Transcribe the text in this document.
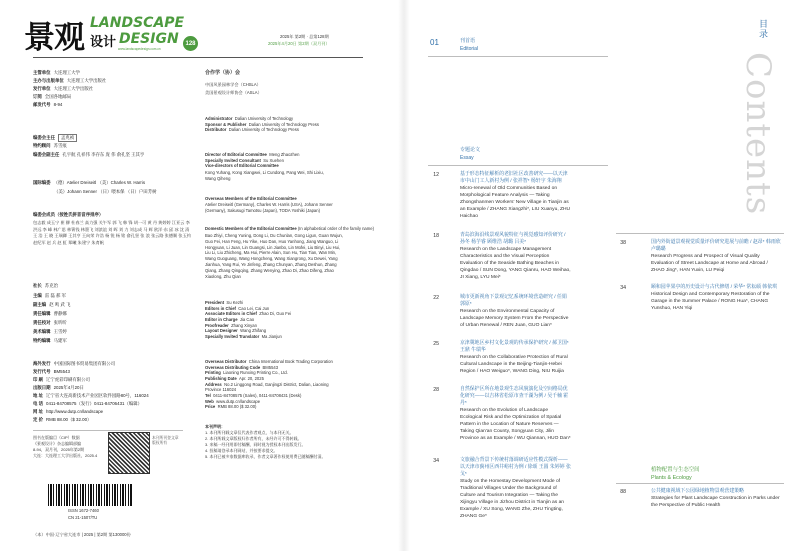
景观 LANDSCAPE
设计 DESIGN	128
www.landscapedesign.com.cn
2025年 第2期 · 总第128期
2025年4月20日 第2期（双月刊）
主管单位 大连理工大学
主办与出版单位 大连理工大学出版社
发行单位 大连理工大学出版社
订阅 全国各地邮局
邮发代号 8-94
编委会主任 孟兆祯
特约顾问 苏雪痕
编委会副主任 孔宇航 孔祥伟 李存东 庞 伟 俞孔坚 王其亨
国际编委 （德）Atelier Dreiseitl （美）Charles W. Harris
（美）Johann Senner （日）喂本保 （日）户田芳树
编委会成员（按姓氏拼音音序排序）
包志毅 成玉宁 崔 柳 杜春兰 高力强 关午军 郭 飞 韩 锋 胡一可 黄 丹 黄婷婷 江亚云 李洪远 李 峰 林广思 林箐钱 林墨飞 刘滨谊 刘 晖 刘 力 刘志成 马 辉 欧洋·东 邱 冰 沈 清 王 浩 王 晓 王瑞卿 王其亨 王向荣 许浩 杨 锐 杨 铭 俞孔坚 张 浪 张云路 张德顺 张玉钧 赵纪军 赵 兵 赵 虹 郑曦 朱建宁 朱育帆
社长 苏克治
主编 雷 磊 郝 军
副主编 赵 鸣 武 飞
责任编辑 曹静娜
责任校对 张昕昕
美术编辑 王雪婷
特约编辑 马建军
海外发行 中国国际图书贸易集团有限公司
发行代号 BM5543
印 刷 辽宁虎彩印刷有限公司
出版日期 2025年4月20日
地 址 辽宁省大连高新技术产业园区软件园路80号，116024
电 话 0411-84708575（发行）0411-84706431（编辑）
网 址 http://www.dutp.cn/landscape
定 价 RMB 88.00（$ 32.00）
图书在版编目（CIP）数据
《景观设计》杂志编辑部编
8-94，双月刊，2025年第2期
大连：大连理工大学出版社，2025.4
本刊所刊登文章
版权所有
ISSN 1672-7460
CN 21-1507/TU
（本）中国·辽宁省大连市 | 2025 | 第2期 第130000份
合作学（协）会
中国风景园林学会（CHSLA）
美国景观设计师协会（ASLA）
Administrator Dalian University of Technology
Sponsor & Publisher Dalian University of Technology Press
Distributor Dalian University of Technology Press
Director of Editorial Committee Meng Zhaozhen
Specially Invited Consultant Su Xuehen
Vice-directors of Editorial Committee
Kong Yuhang, Kong Xiangwei, Li Cundong, Pang Wei, Shi Lixiu, Wang Qiheng
Overseas Members of the Editorial Committee
Atelier Dreiseitl (Germany), Charles W. Harris (USA), Johann Senner (Germany), Sakusugi Tamotsu (Japan), TODA Yoshiki (Japan)
Domestic Members of the Editorial Committee (In alphabetical order of the family name)
Bao Zhiyi, Cheng Yuning, Dong Li, Du Chunlan, Gong Ligun, Guan Wujun, Guo Fei, Han Feng, Hu Yike, Huo Dan, Huo Yanhong, Jiang Wanguo, Li Hongyuan, Li Juan, Lin Guangsi, Lin Jianbo, Lin Mofei, Liu Binyi, Liu Hui, Liu Li, Liu Zhicheng, Ma Hui, Pierre Alain, Sun Hu, Tian Tian, Wan Min, Wang Guoguang, Wang Hongcheng, Wang Xiangrong, Xu Dewei, Yang Jianhua, Yang Rui, Ye Jinfeng, Zhang Chunyan, Zhang Deshun, Zhang Qiang, Zhang Qingqing, Zhang Wenying, Zhao Di, Zhao Difeng, Zhao Xiaolong, Zhu Qian
President Su Kezhi
Editors in Chief Cao Lei, Cai Jun
Associate Editors in Chief Zhao Di, Guo Fei
Editor in Charge Jia Cao
Proofreader Zhang Xinyan
Layout Designer Wang Zhifang
Specially Invited Translator Ma Jianjun
Overseas Distributor China International Book Trading Corporation
Overseas Distributing Code BM5543
Printing Liaoning Runxing Printing Co., Ltd.
Publishing Date Apr. 20, 2025
Address No.2 Linggong Road, Ganjingzi District, Dalian, Liaoning Province 116024
Tel 0411-84708575 (Sales), 0411-84708431 (Desk)
Web www.dutp.cn/landscape
Price RMB 88.00 ($ 32.00)
本刊声明：
1. 本刊所刊载文章仅代表作者观点，与本刊无关。
2. 本刊所载文章版权归作者所有，未经许可不得转载。
3. 来稿一经刊用即付稿酬，同时视为授权本刊出版发行。
4. 投稿请登录本刊网站，并按要求提交。
5. 本刊已被多家数据库收录，作者文章著作权使用费已随稿酬付清。
01	刊首语
Editorial
目录
Contents
专题论文
Essay
12	基于形态特征解析的老旧社区改善研究——以天津市中山门工人新村为例 / 张祥智* 杨轩宇 朱海翔
Micro-renewal of Old Communities Based on Morphological Feature Analysis — Taking Zhongshanmen Workers' New Village in Tianjin as an Example / ZHANG Xiangzhi*, LIU Xuanyu, ZHU Haichao
18	青岛滨海沿线景观风貌特征与视觉感知评价研究 / 孙冬 杨芋睿 顾维浩 胡璐 吕美*
Research on the Landscape Management Characteristics and the Visual Perception Evaluation of the Seaside Bathing Beaches in Qingdao / SUN Dong, YANG Qianru, HAO Weihao, JI Xiang, LYU Mei*
22	城市更新视角下景观记忆系统环境营造研究 / 任娟 郭原*
Research on the Environmental Capacity of Landscape Memory System From the Perspective of Urban Renewal / REN Juan, GUO Lian*
25	京津冀地区乡村文化景观的传承保护研究 / 郝卫国* 王鼎 牛瑞华
Research on the Collaborative Protection of Rural Cultural Landscape in the Beijing-Tianjin-Hebei Region / HAO Weiguo*, WANG Ding, NIU Ruijia
28	自然保护区所在地景观生态风貌演化及空间格局优化研究——以吉林省松原市查干湖为例 / 吴千楠 霍丹*
Research on the Evolution of Landscape Ecological Risk and the Optimization of Spatial Pattern in the Location of Nature Reserves — Taking Qian'an County, Songyuan City, Jilin Province as an Example / WU Qiannan, HUO Dan*
34	文旅融合背景下传统村落调研适应性模式探析——以天津市蓟州区西井峪村为例 / 徐颂 王圆 朱婷婷 张戈*
Study on the Homestay Development Mode of Traditional Villages Under the Background of Culture and Tourism Integration — Taking the Xijingyu Village in Jizhou District in Tianjin as an Example / XU Song, WANG Zhe, ZHU Tingting, ZHANG Ge*
38	国内外街道景观视觉质量评价研究进展与前瞻 / 赵昂* 韩雨欣 卢璐璐
Research Progress and Prospect of Visual Quality Evaluation of Street Landscape at Home and Abroad / ZHAO Jing*, HAN Yuxin, LU Peiqi
34	颐和园苹果亭的历史设计与古代修缮 / 荣华* 常耘硕 韩依琪
Historical Design and Contemporary Restoration of the Garage in the Summer Palace / RONG Hua*, CHANG Yunshuo, HAN Yiqi
植物配置与生态空间
Plants & Ecology
88	公共健康视域下公园绿地植物景观营建策略
Strategies for Plant Landscape Construction in Parks under the Perspective of Public Health
